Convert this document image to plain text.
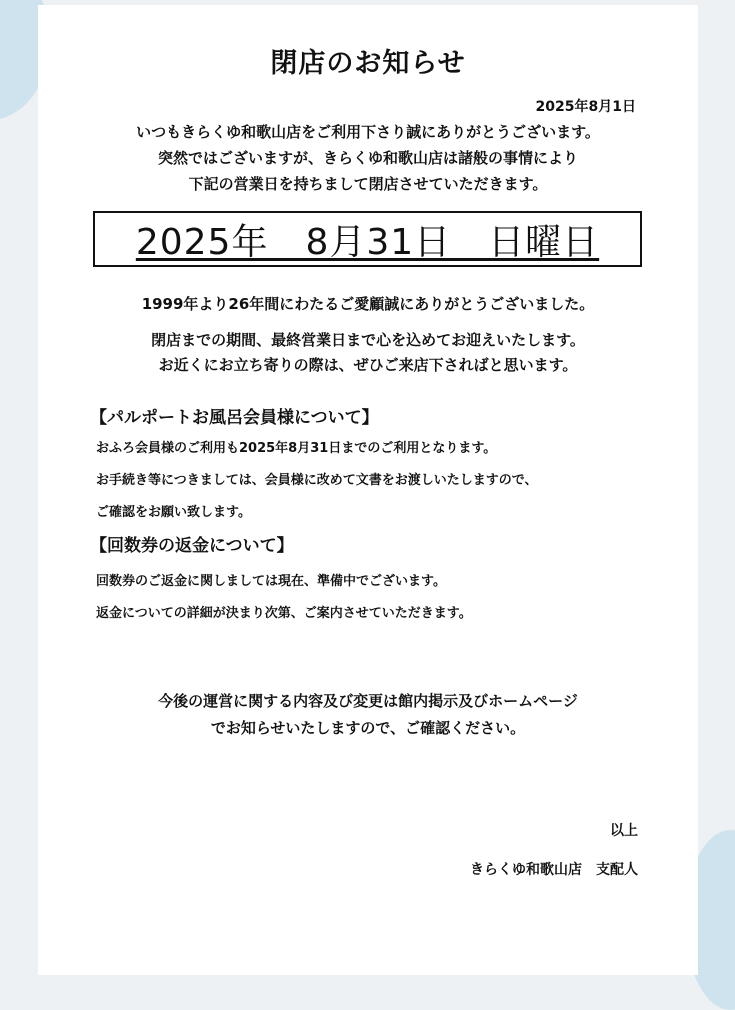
閉店のお知らせ
2025年8月1日
いつもきらくゆ和歌山店をご利用下さり誠にありがとうございます。
突然ではございますが、きらくゆ和歌山店は諸般の事情により
下記の営業日を持ちまして閉店させていただきます。
2025年　8月31日　日曜日
1999年より26年間にわたるご愛顧誠にありがとうございました。
閉店までの期間、最終営業日まで心を込めてお迎えいたします。
お近くにお立ち寄りの際は、ぜひご来店下さればと思います。
【パルポートお風呂会員様について】
おふろ会員様のご利用も2025年8月31日までのご利用となります。
お手続き等につきましては、会員様に改めて文書をお渡しいたしますので、
ご確認をお願い致します。
【回数券の返金について】
回数券のご返金に関しましては現在、準備中でございます。
返金についての詳細が決まり次第、ご案内させていただきます。
今後の運営に関する内容及び変更は館内掲示及びホームページ
でお知らせいたしますので、ご確認ください。
以上
きらくゆ和歌山店　支配人
